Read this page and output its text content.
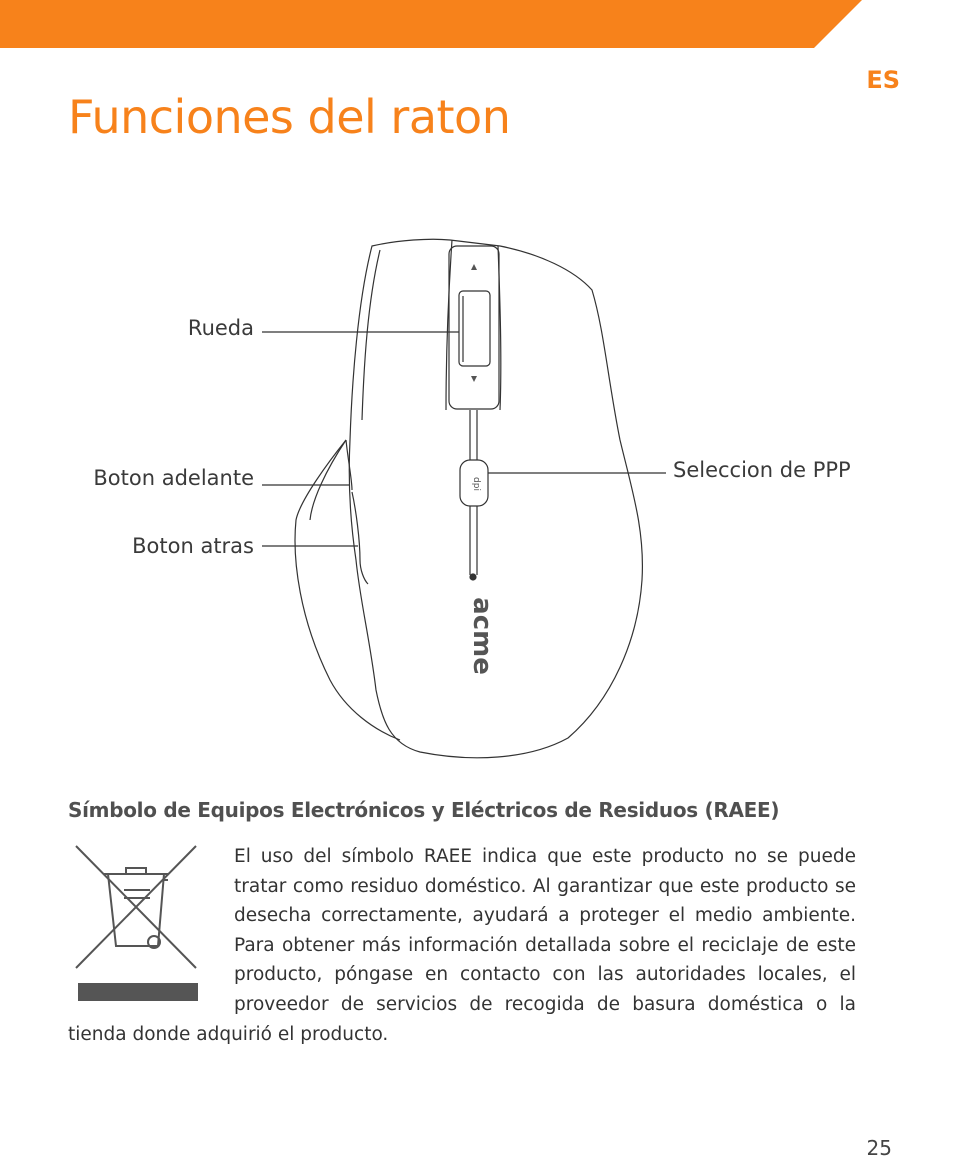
ES
Funciones del raton
dpi
acme
Rueda
Boton adelante
Boton atras
Seleccion de PPP
Símbolo de Equipos Electrónicos y Eléctricos de Residuos (RAEE)

El uso del símbolo RAEE indica que este producto no se puede tratar como residuo doméstico. Al garantizar que este producto se desecha correctamente, ayudará a proteger el medio ambiente. Para obtener más información detallada sobre el reciclaje de este producto, póngase en contacto con las autoridades locales, el proveedor de servicios de recogida de basura doméstica o la tienda donde adquirió el producto.

25
